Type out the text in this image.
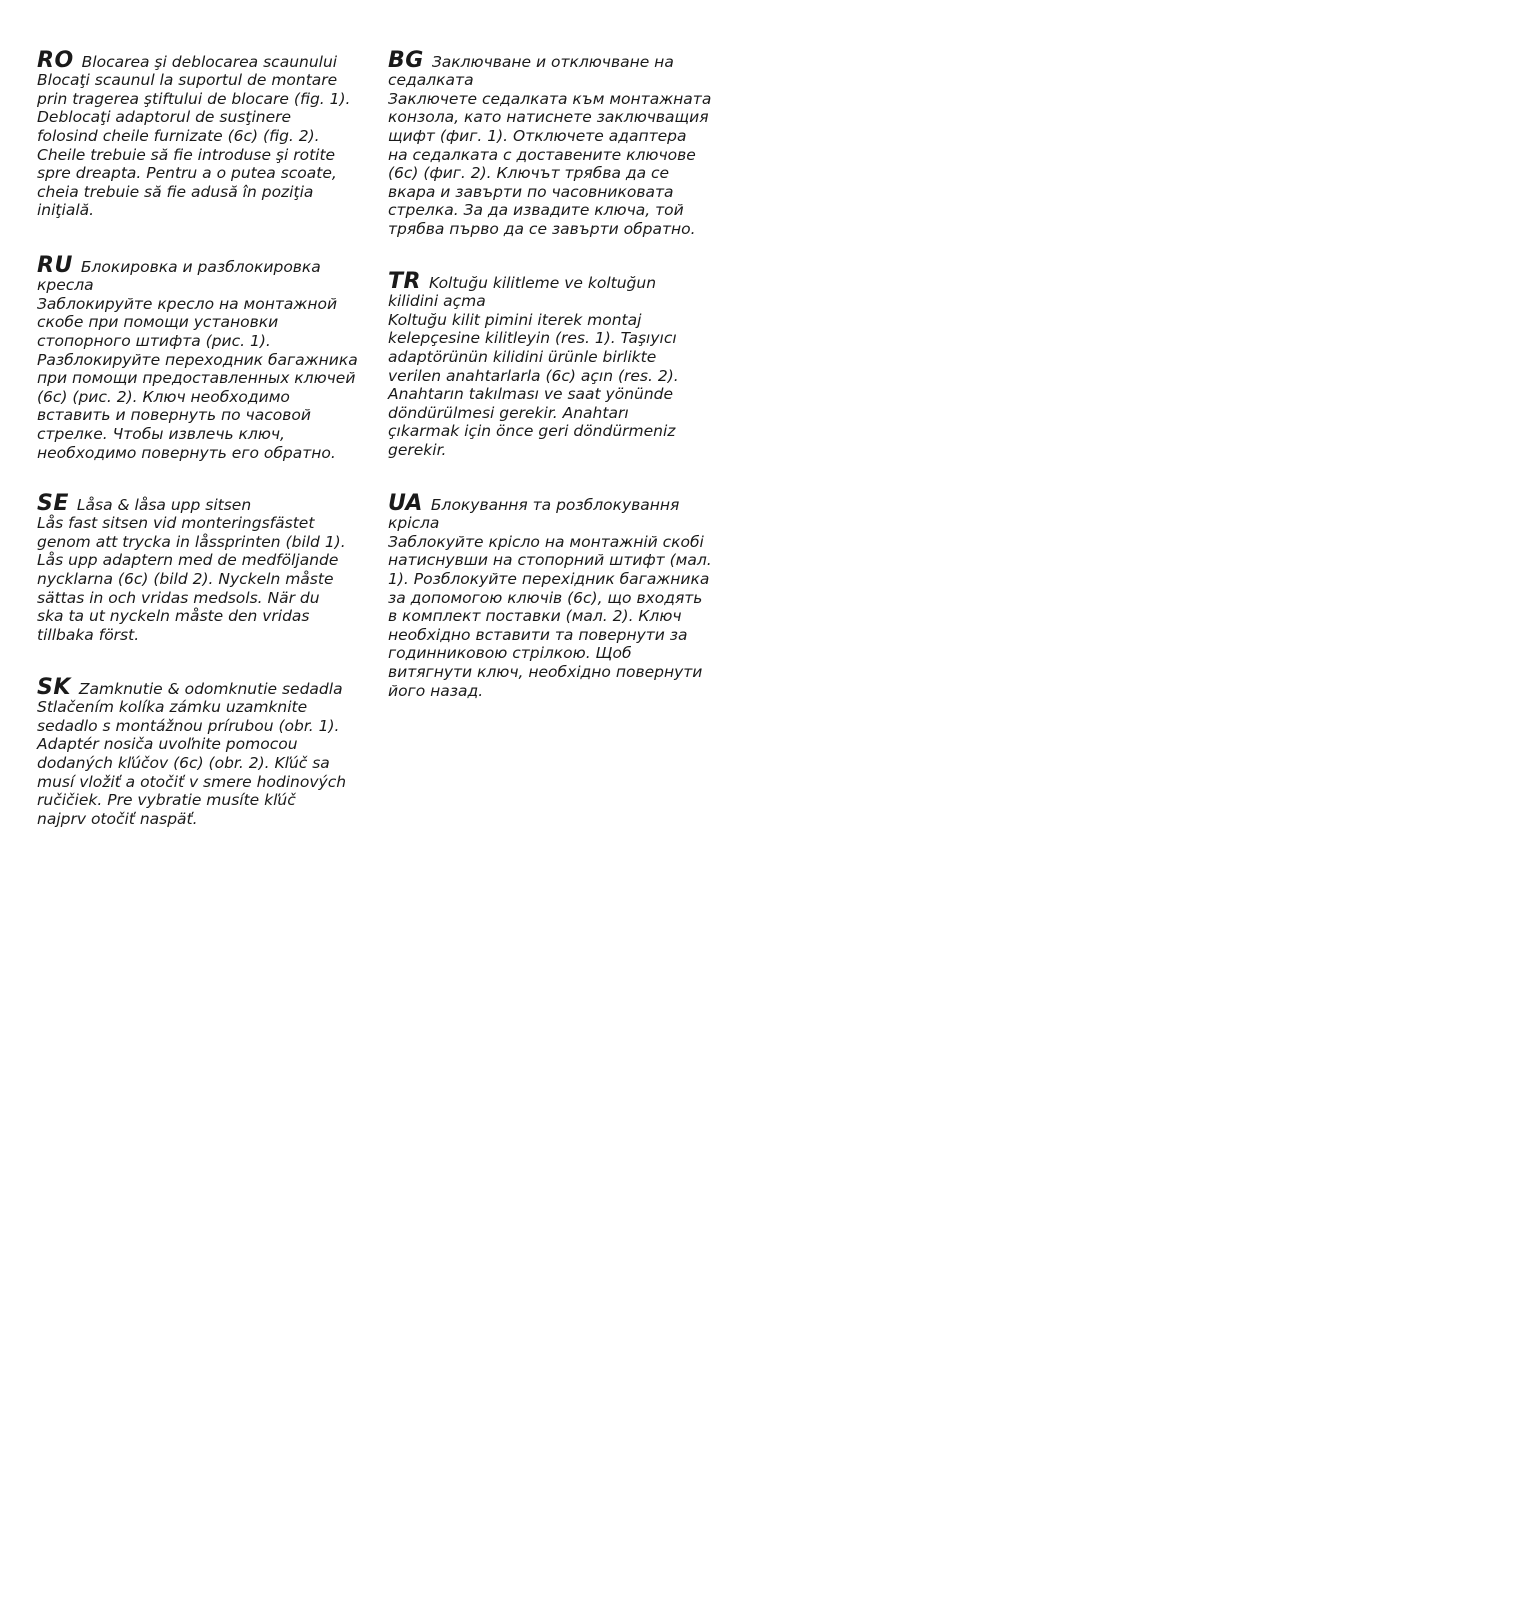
RO Blocarea şi deblocarea scaunului

Blocaţi scaunul la suportul de montare
prin tragerea ştiftului de blocare (fig. 1).
Deblocaţi adaptorul de susţinere
folosind cheile furnizate (6c) (fig. 2).
Cheile trebuie să fie introduse şi rotite
spre dreapta. Pentru a o putea scoate,
cheia trebuie să fie adusă în poziţia
iniţială.

RU Блокировка и разблокировка
кресла

Заблокируйте кресло на монтажной
скобе при помощи установки
стопорного штифта (рис. 1).
Разблокируйте переходник багажника
при помощи предоставленных ключей
(6с) (рис. 2). Ключ необходимо
вставить и повернуть по часовой
стрелке. Чтобы извлечь ключ,
необходимо повернуть его обратно.

SE Låsa & låsa upp sitsen

Lås fast sitsen vid monteringsfästet
genom att trycka in låssprinten (bild 1).
Lås upp adaptern med de medföljande
nycklarna (6c) (bild 2). Nyckeln måste
sättas in och vridas medsols. När du
ska ta ut nyckeln måste den vridas
tillbaka först.

SK Zamknutie & odomknutie sedadla

Stlačením kolíka zámku uzamknite
sedadlo s montážnou prírubou (obr. 1).
Adaptér nosiča uvoľnite pomocou
dodaných kľúčov (6c) (obr. 2). Kľúč sa
musí vložiť a otočiť v smere hodinových
ručičiek. Pre vybratie musíte kľúč
najprv otočiť naspäť.

BG Заключване и отключване на
седалката

Заключете седалката към монтажната
конзола, като натиснете заключващия
щифт (фиг. 1). Отключете адаптера
на седалката с доставените ключове
(6с) (фиг. 2). Ключът трябва да се
вкара и завърти по часовниковата
стрелка. За да извадите ключа, той
трябва първо да се завърти обратно.

TR Koltuğu kilitleme ve koltuğun
kilidini açma

Koltuğu kilit pimini iterek montaj
kelepçesine kilitleyin (res. 1). Taşıyıcı
adaptörünün kilidini ürünle birlikte
verilen anahtarlarla (6c) açın (res. 2).
Anahtarın takılması ve saat yönünde
döndürülmesi gerekir. Anahtarı
çıkarmak için önce geri döndürmeniz
gerekir.

UA Блокування та розблокування
крісла

Заблокуйте крісло на монтажній скобі
натиснувши на стопорний штифт (мал.
1). Розблокуйте перехідник багажника
за допомогою ключів (6с), що входять
в комплект поставки (мал. 2). Ключ
необхідно вставити та повернути за
годинниковою стрілкою. Щоб
витягнути ключ, необхідно повернути
його назад.
